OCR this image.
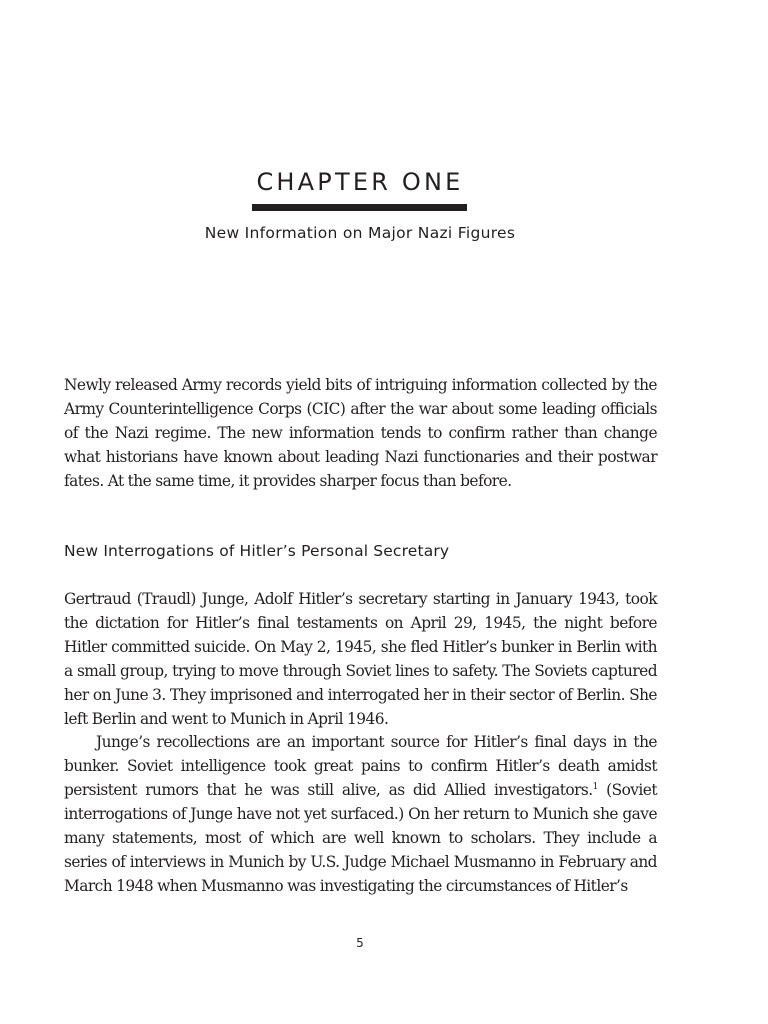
CHAPTER ONE
New Information on Major Nazi Figures

Newly released Army records yield bits of intriguing information collected by the Army Counterintelligence Corps (CIC) after the war about some leading officials of the Nazi regime. The new information tends to confirm rather than change what historians have known about leading Nazi functionaries and their postwar fates. At the same time, it provides sharper focus than before.

New Interrogations of Hitler’s Personal Secretary

Gertraud (Traudl) Junge, Adolf Hitler’s secretary starting in January 1943, took the dictation for Hitler’s final testaments on April 29, 1945, the night before Hitler committed suicide. On May 2, 1945, she fled Hitler’s bunker in Berlin with a small group, trying to move through Soviet lines to safety. The Soviets captured her on June 3. They imprisoned and interrogated her in their sector of Berlin. She left Berlin and went to Munich in April 1946.

Junge’s recollections are an important source for Hitler’s final days in the bunker. Soviet intelligence took great pains to confirm Hitler’s death amidst persistent rumors that he was still alive, as did Allied investigators.$^1$ (Soviet interrogations of Junge have not yet surfaced.) On her return to Munich she gave many statements, most of which are well known to scholars. They include a series of interviews in Munich by U.S. Judge Michael Musmanno in February and March 1948 when Musmanno was investigating the circumstances of Hitler’s

5
